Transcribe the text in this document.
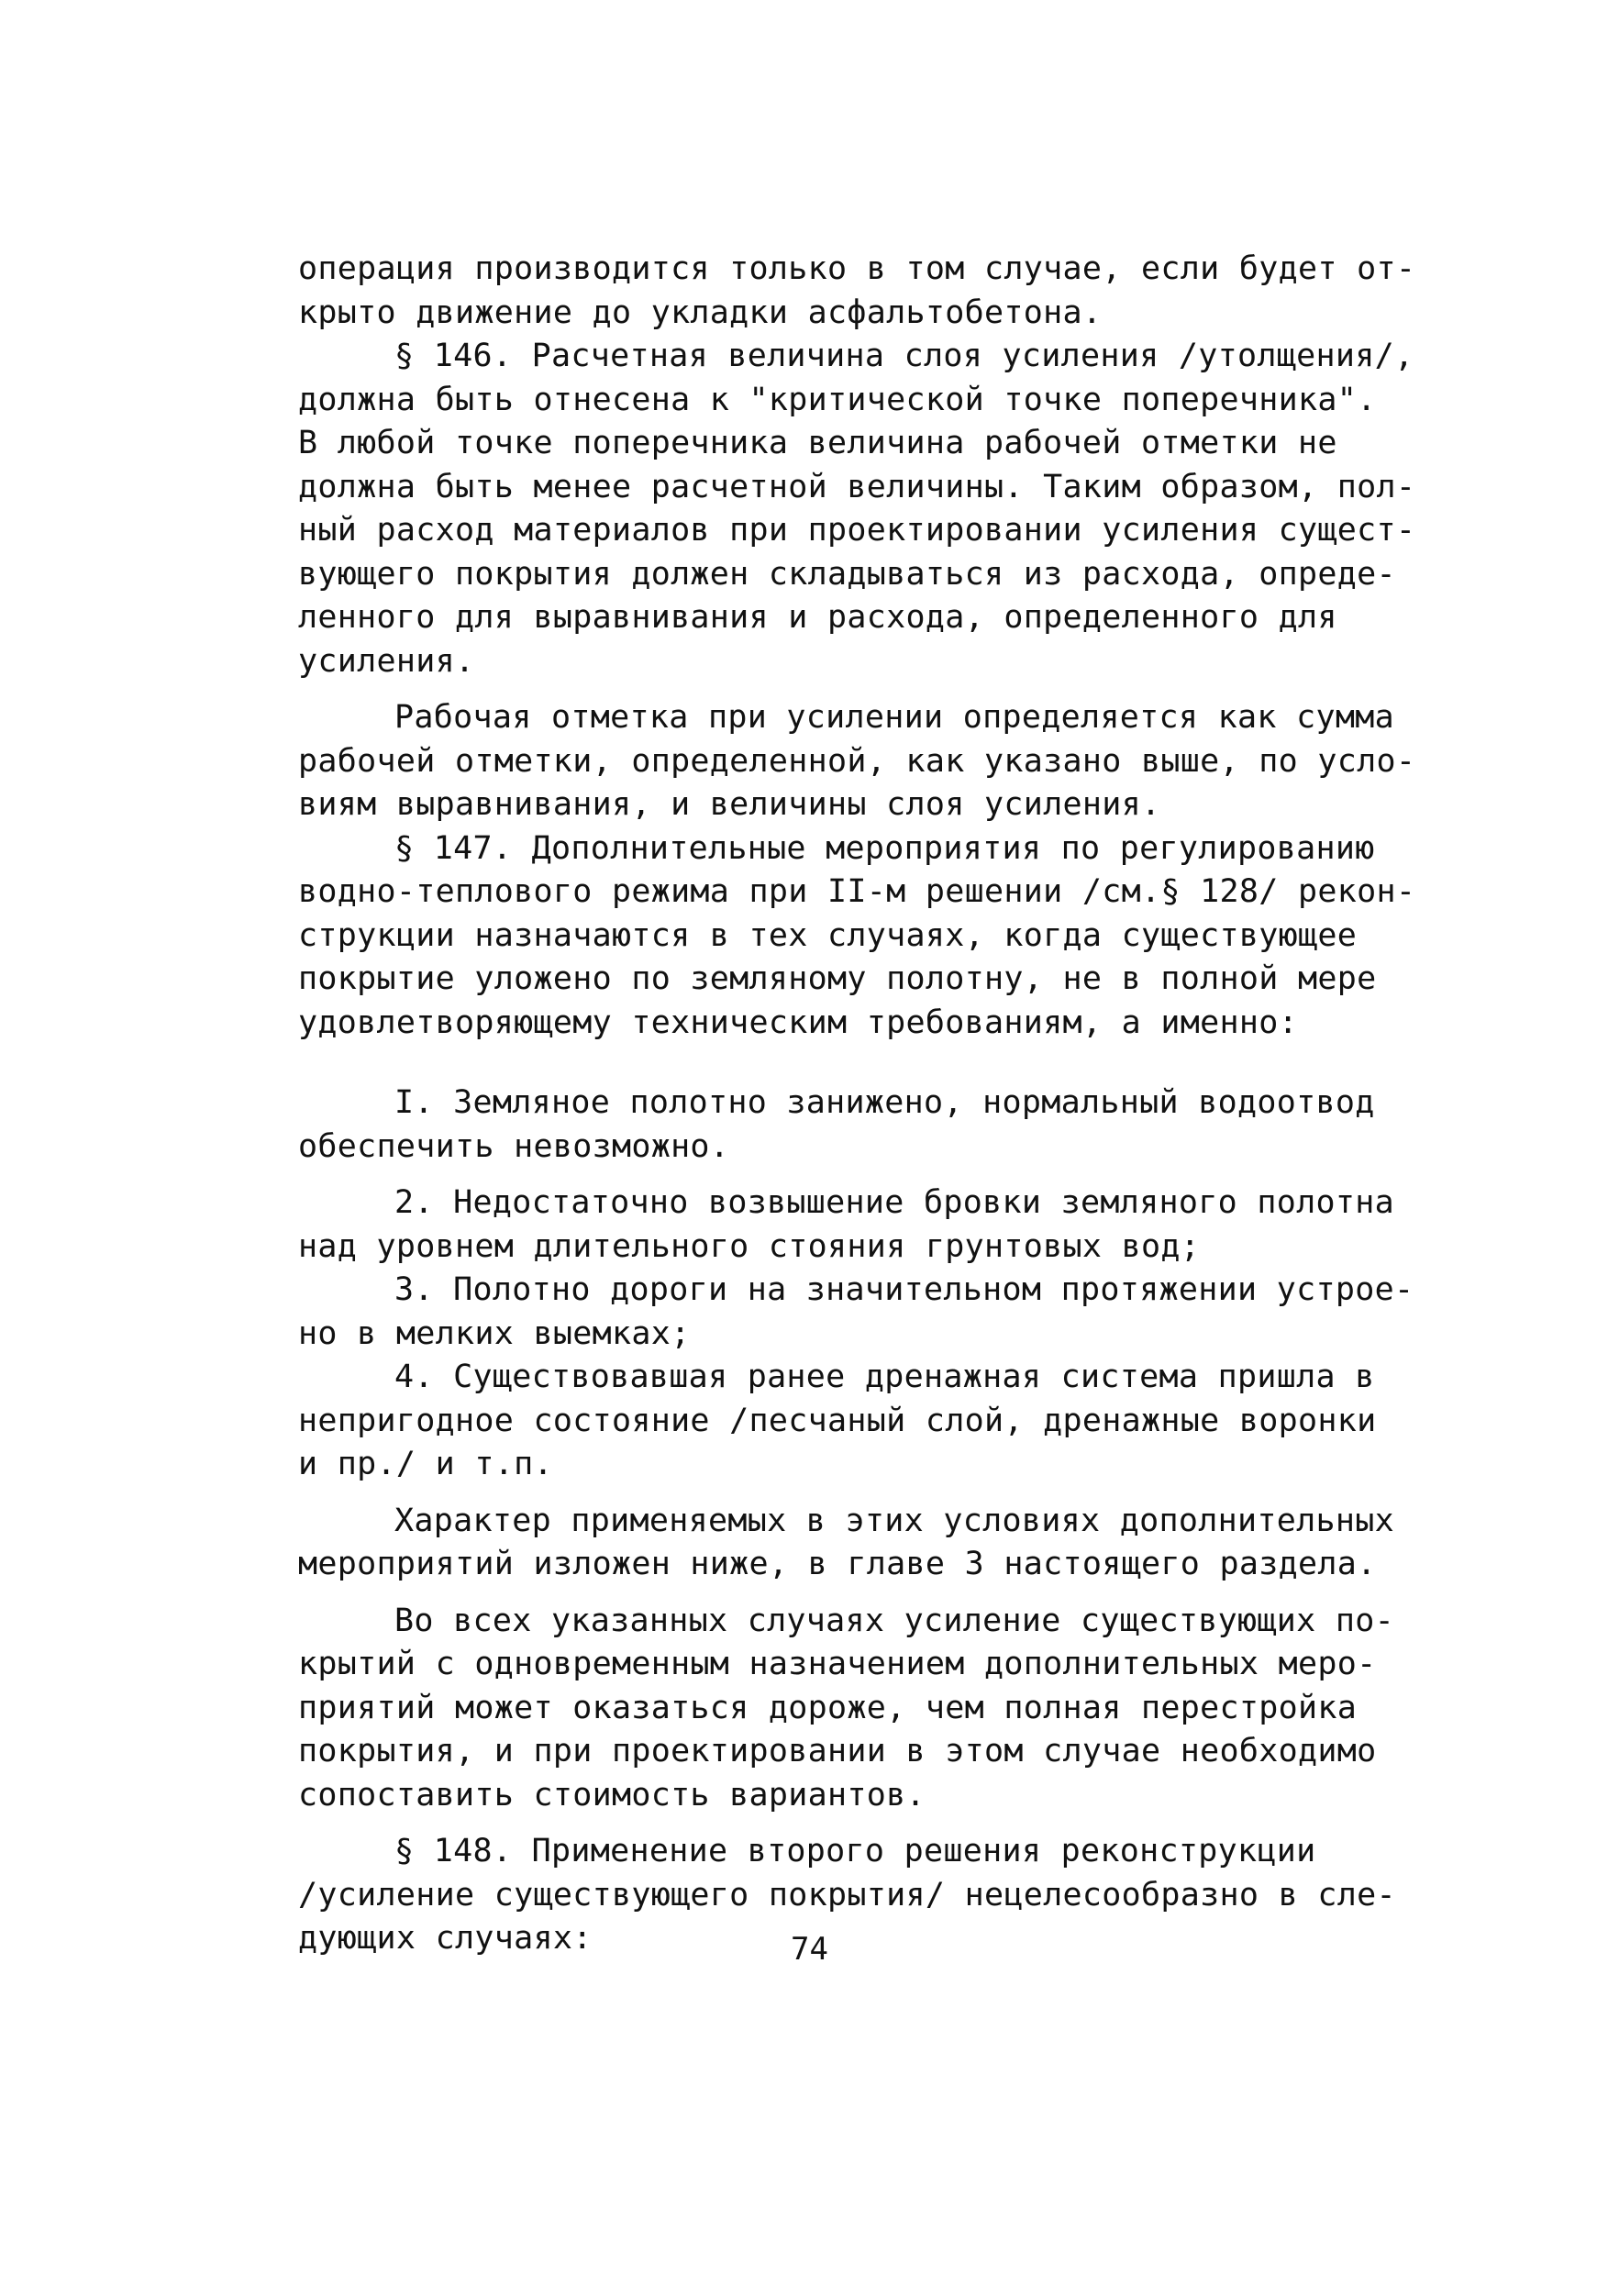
операция производится только в том случае, если будет от-
крыто движение до укладки асфальтобетона.
§ 146. Расчетная величина слоя усиления /утолщения/,
должна быть отнесена к "критической точке поперечника".
В любой точке поперечника величина рабочей отметки не
должна быть менее расчетной величины. Таким образом, пол-
ный расход материалов при проектировании усиления сущест-
вующего покрытия должен складываться из расхода, опреде-
ленного для выравнивания и расхода, определенного для
усиления.
Рабочая отметка при усилении определяется как сумма
рабочей отметки, определенной, как указано выше, по усло-
виям выравнивания, и величины слоя усиления.
§ 147. Дополнительные мероприятия по регулированию
водно-теплового режима при II-м решении /см.§ 128/ рекон-
струкции назначаются в тех случаях, когда существующее
покрытие уложено по земляному полотну, не в полной мере
удовлетворяющему техническим требованиям, а именно:
I. Земляное полотно занижено, нормальный водоотвод
обеспечить невозможно.
2. Недостаточно возвышение бровки земляного полотна
над уровнем длительного стояния грунтовых вод;
3. Полотно дороги на значительном протяжении устрое-
но в мелких выемках;
4. Существовавшая ранее дренажная система пришла в
непригодное состояние /песчаный слой, дренажные воронки
и пр./ и т.п.
Характер применяемых в этих условиях дополнительных
мероприятий изложен ниже, в главе 3 настоящего раздела.
Во всех указанных случаях усиление существующих по-
крытий с одновременным назначением дополнительных меро-
приятий может оказаться дороже, чем полная перестройка
покрытия, и при проектировании в этом случае необходимо
сопоставить стоимость вариантов.
§ 148. Применение второго решения реконструкции
/усиление существующего покрытия/ нецелесообразно в сле-
дующих случаях:	74
